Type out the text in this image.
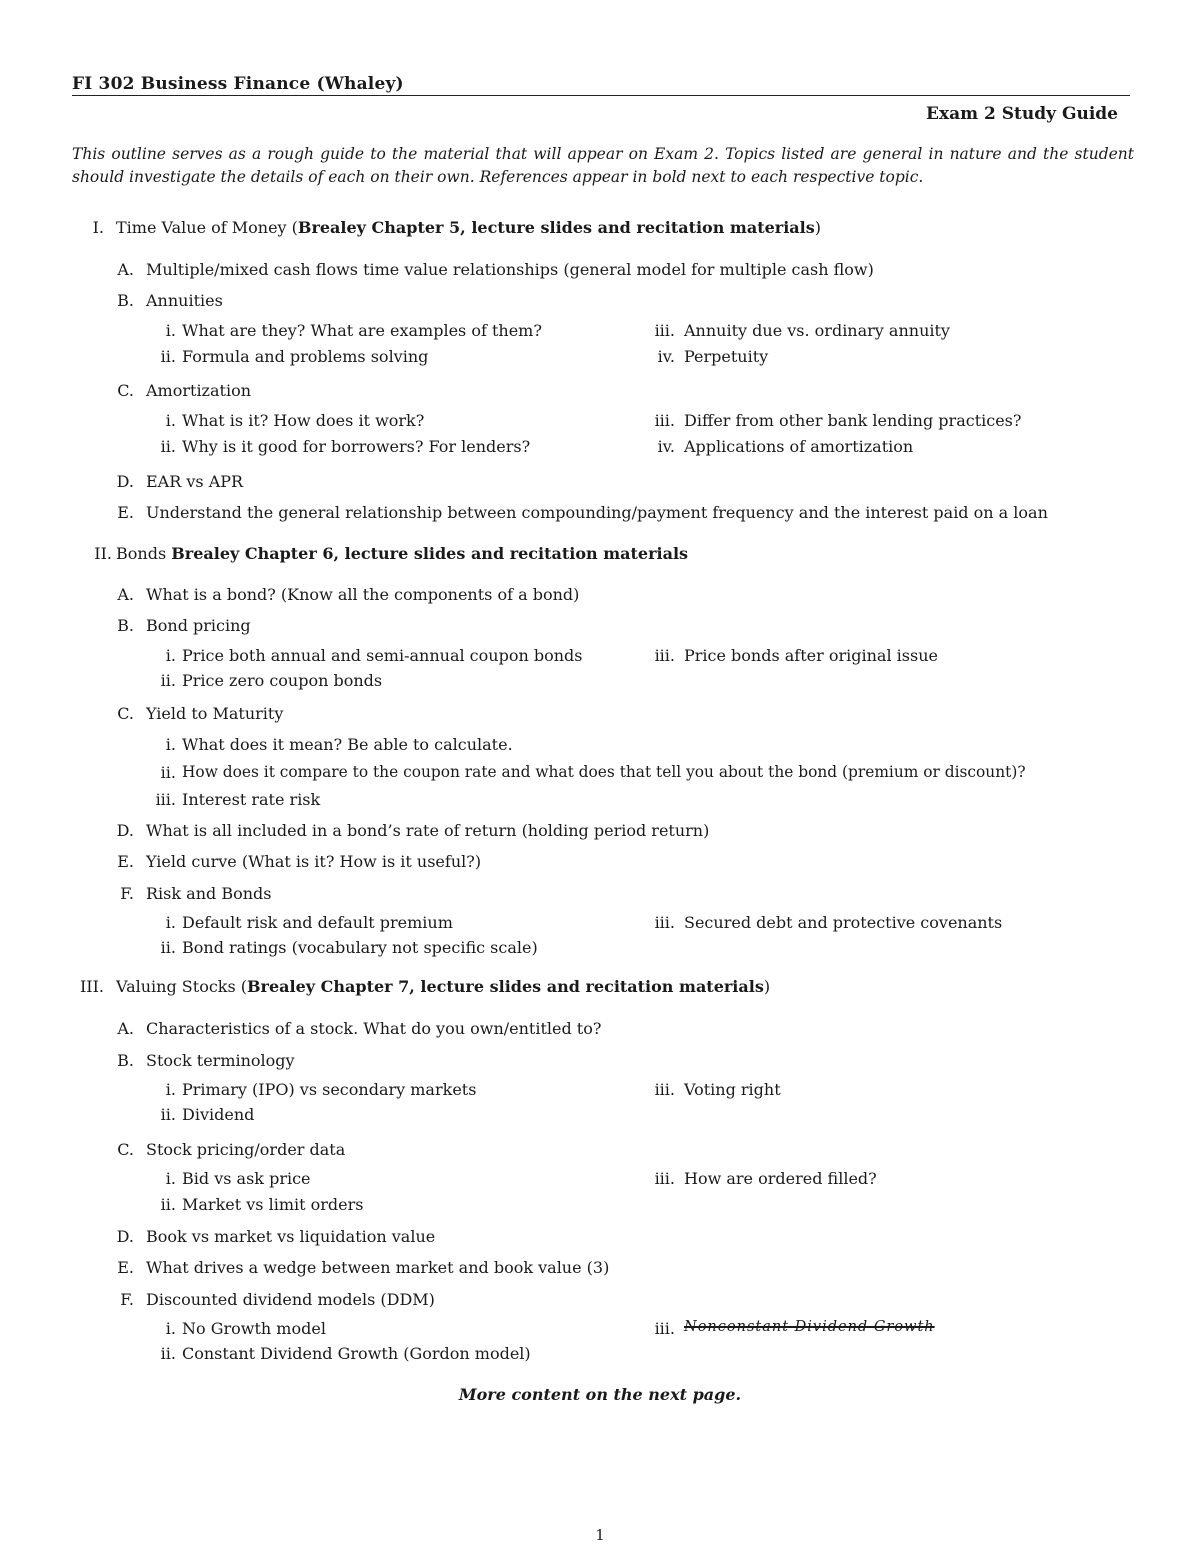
FI 302 Business Finance (Whaley)
Exam 2 Study Guide
This outline serves as a rough guide to the material that will appear on Exam 2. Topics listed are general in nature and the student should investigate the details of each on their own. References appear in bold next to each respective topic.
I. Time Value of Money (Brealey Chapter 5, lecture slides and recitation materials)
A. Multiple/mixed cash flows time value relationships (general model for multiple cash flow)
B. Annuities
i. What are they? What are examples of them?
ii. Formula and problems solving
iii. Annuity due vs. ordinary annuity
iv. Perpetuity
C. Amortization
i. What is it? How does it work?
ii. Why is it good for borrowers? For lenders?
iii. Differ from other bank lending practices?
iv. Applications of amortization
D. EAR vs APR
E. Understand the general relationship between compounding/payment frequency and the interest paid on a loan
II. Bonds Brealey Chapter 6, lecture slides and recitation materials
A. What is a bond? (Know all the components of a bond)
B. Bond pricing
i. Price both annual and semi-annual coupon bonds
ii. Price zero coupon bonds
iii. Price bonds after original issue
C. Yield to Maturity
i. What does it mean? Be able to calculate.
ii. How does it compare to the coupon rate and what does that tell you about the bond (premium or discount)?
iii. Interest rate risk
D. What is all included in a bond’s rate of return (holding period return)
E. Yield curve (What is it? How is it useful?)
F. Risk and Bonds
i. Default risk and default premium
ii. Bond ratings (vocabulary not specific scale)
iii. Secured debt and protective covenants
III. Valuing Stocks (Brealey Chapter 7, lecture slides and recitation materials)
A. Characteristics of a stock. What do you own/entitled to?
B. Stock terminology
i. Primary (IPO) vs secondary markets
ii. Dividend
iii. Voting right
C. Stock pricing/order data
i. Bid vs ask price
ii. Market vs limit orders
iii. How are ordered filled?
D. Book vs market vs liquidation value
E. What drives a wedge between market and book value (3)
F. Discounted dividend models (DDM)
i. No Growth model
ii. Constant Dividend Growth (Gordon model)
iii. Nonconstant Dividend Growth
More content on the next page.
1
